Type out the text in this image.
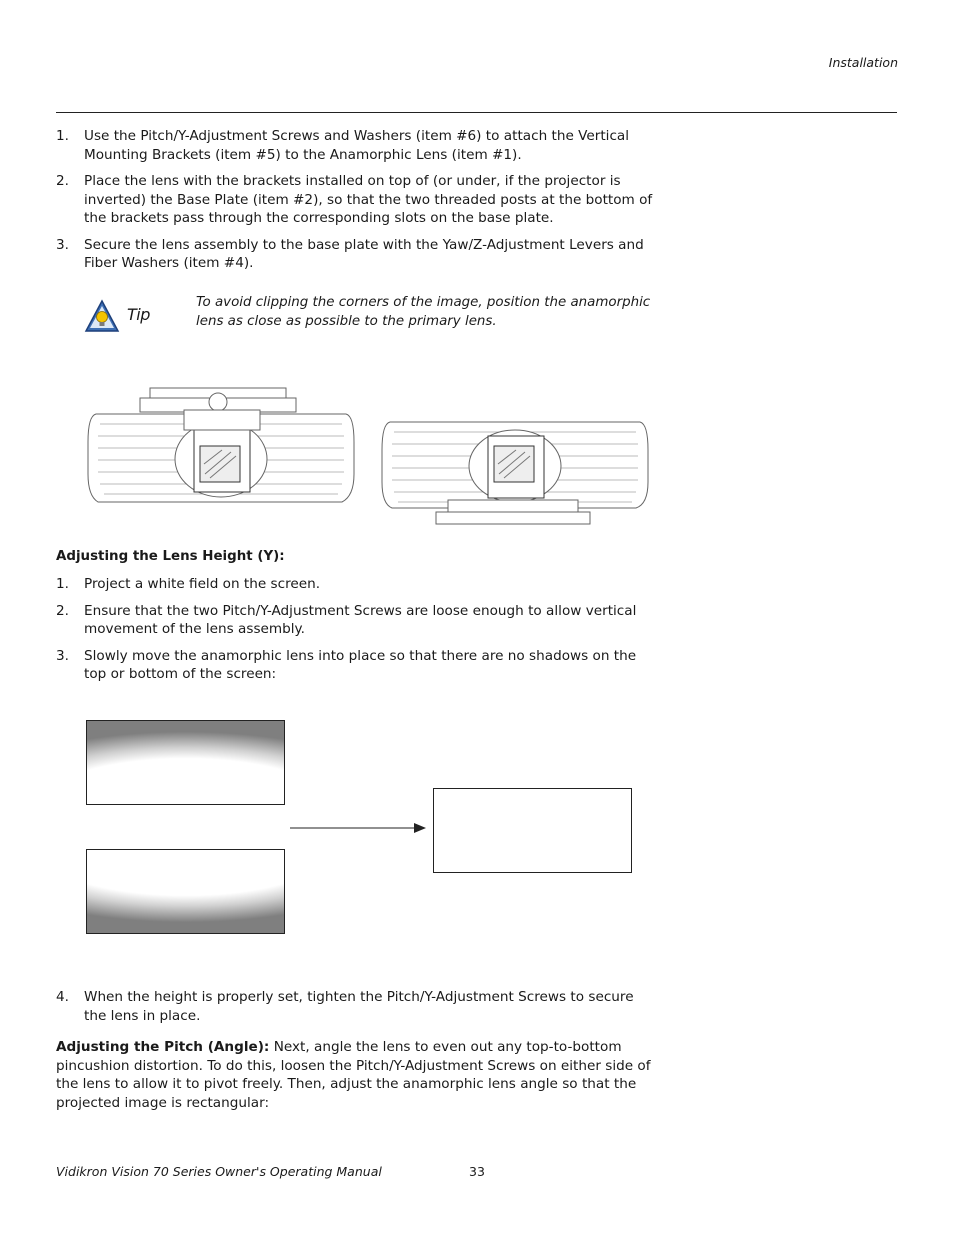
Installation
1. Use the Pitch/Y-Adjustment Screws and Washers (item #6) to attach the Vertical Mounting Brackets (item #5) to the Anamorphic Lens (item #1).
2. Place the lens with the brackets installed on top of (or under, if the projector is inverted) the Base Plate (item #2), so that the two threaded posts at the bottom of the brackets pass through the corresponding slots on the base plate.
3. Secure the lens assembly to the base plate with the Yaw/Z-Adjustment Levers and Fiber Washers (item #4).
Tip
To avoid clipping the corners of the image, position the anamorphic lens as close as possible to the primary lens.
Adjusting the Lens Height (Y):
1. Project a white field on the screen.
2. Ensure that the two Pitch/Y-Adjustment Screws are loose enough to allow vertical movement of the lens assembly.
3. Slowly move the anamorphic lens into place so that there are no shadows on the top or bottom of the screen:
4. When the height is properly set, tighten the Pitch/Y-Adjustment Screws to secure the lens in place.
Adjusting the Pitch (Angle): Next, angle the lens to even out any top-to-bottom pincushion distortion. To do this, loosen the Pitch/Y-Adjustment Screws on either side of the lens to allow it to pivot freely. Then, adjust the anamorphic lens angle so that the projected image is rectangular:
Vidikron Vision 70 Series Owner's Operating Manual	33
